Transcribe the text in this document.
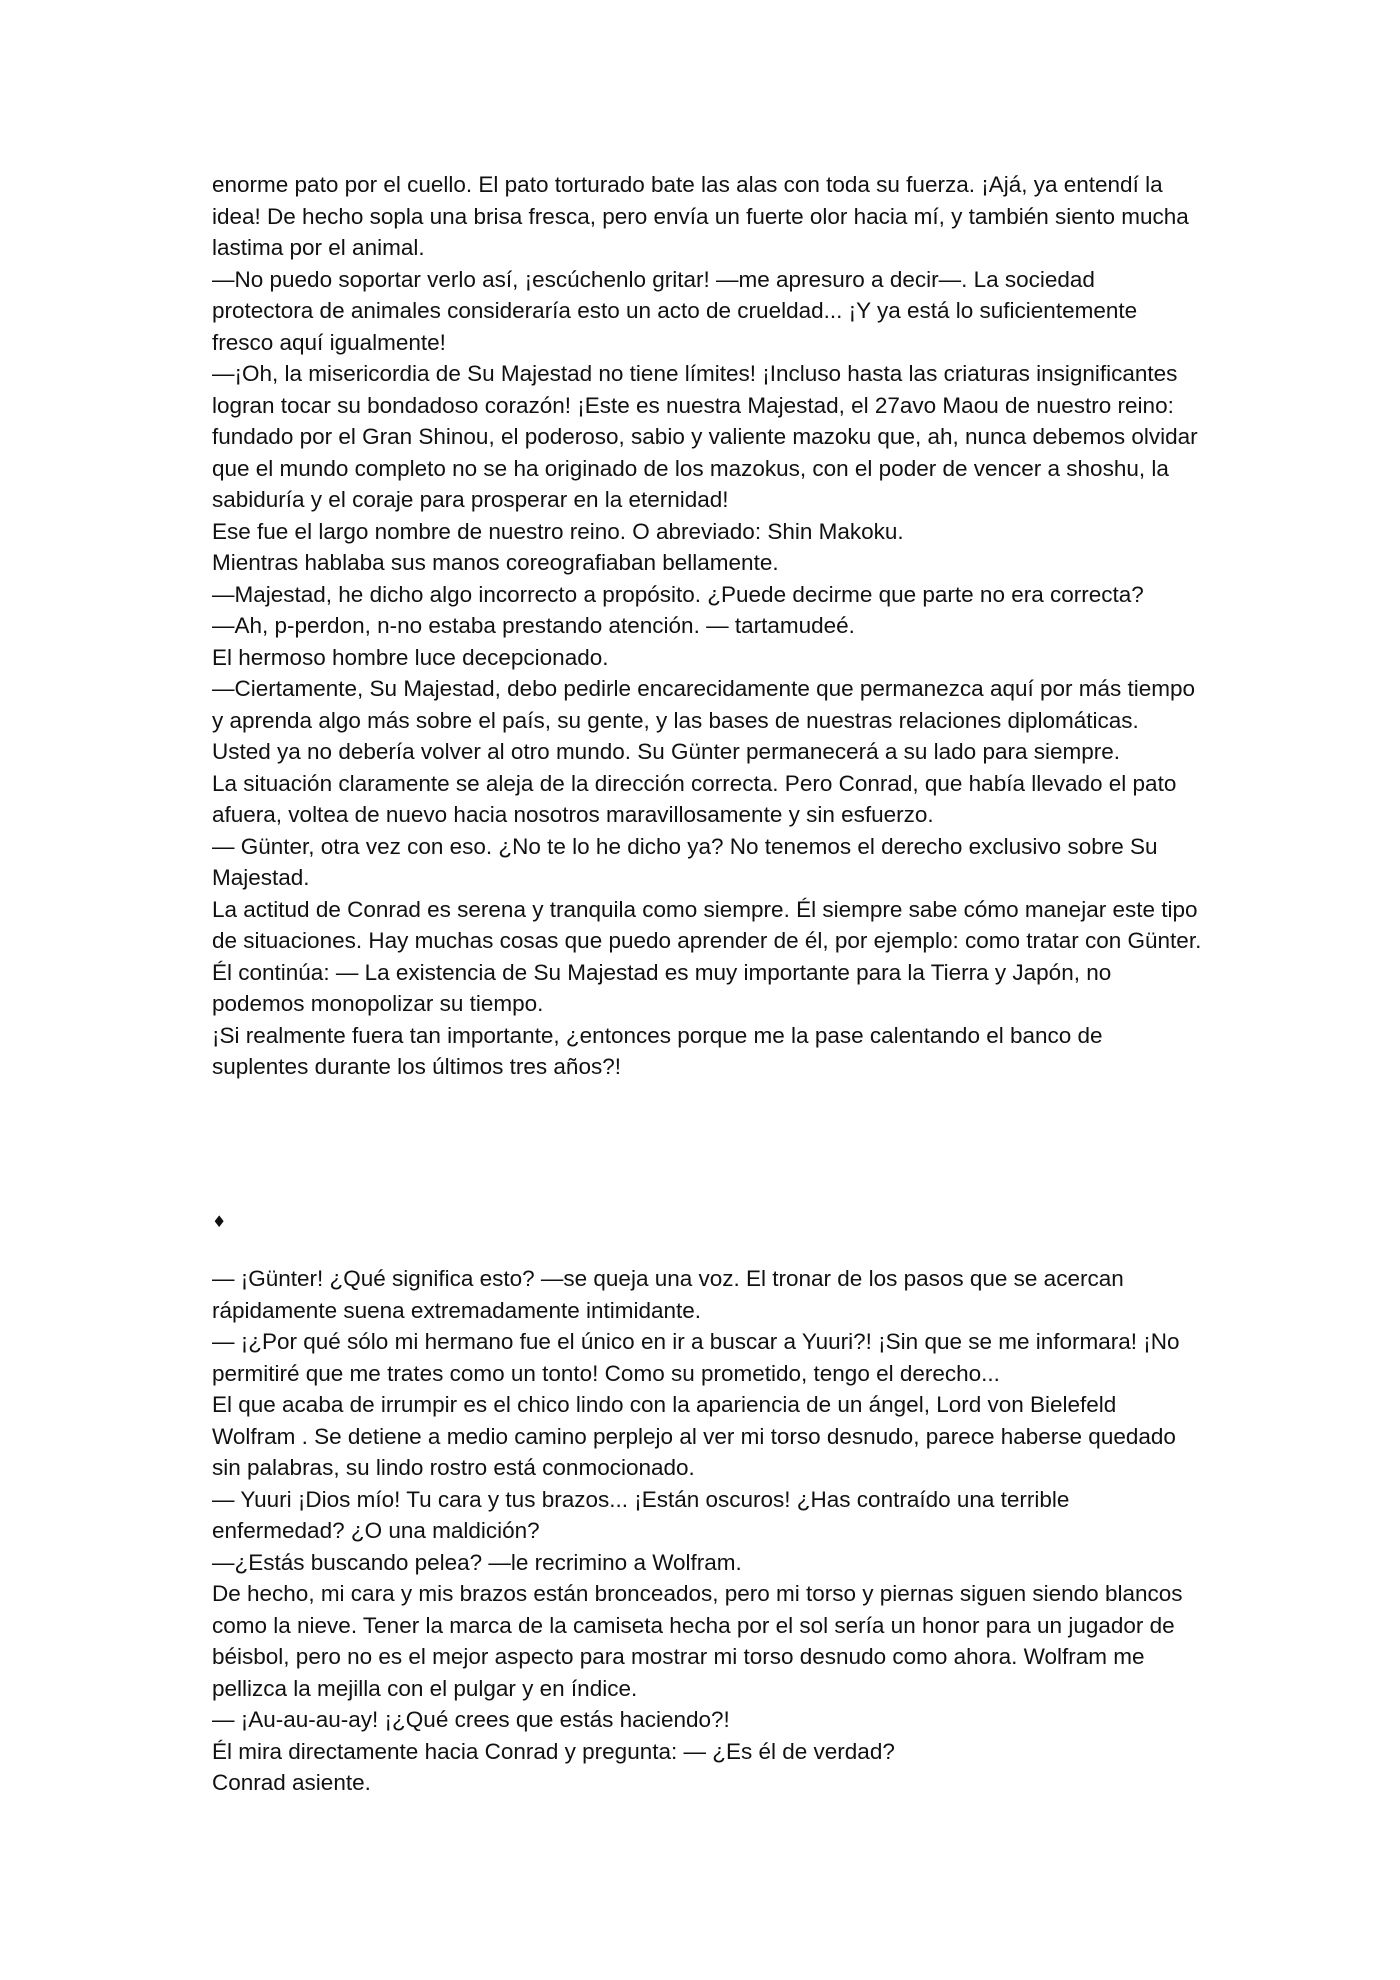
enorme pato por el cuello. El pato torturado bate las alas con toda su fuerza. ¡Ajá, ya entendí la idea! De hecho sopla una brisa fresca, pero envía un fuerte olor hacia mí, y también siento mucha lastima por el animal.

—No puedo soportar verlo así, ¡escúchenlo gritar! —me apresuro a decir—. La sociedad protectora de animales consideraría esto un acto de crueldad... ¡Y ya está lo suficientemente fresco aquí igualmente!

—¡Oh, la misericordia de Su Majestad no tiene límites! ¡Incluso hasta las criaturas insignificantes logran tocar su bondadoso corazón! ¡Este es nuestra Majestad, el 27avo Maou de nuestro reino: fundado por el Gran Shinou, el poderoso, sabio y valiente mazoku que, ah, nunca debemos olvidar que el mundo completo no se ha originado de los mazokus, con el poder de vencer a shoshu, la sabiduría y el coraje para prosperar en la eternidad!

Ese fue el largo nombre de nuestro reino. O abreviado: Shin Makoku.

Mientras hablaba sus manos coreografiaban bellamente.

—Majestad, he dicho algo incorrecto a propósito. ¿Puede decirme que parte no era correcta?

—Ah, p-perdon, n-no estaba prestando atención. — tartamudeé.

El hermoso hombre luce decepcionado.

—Ciertamente, Su Majestad, debo pedirle encarecidamente que permanezca aquí por más tiempo y aprenda algo más sobre el país, su gente, y las bases de nuestras relaciones diplomáticas. Usted ya no debería volver al otro mundo. Su Günter permanecerá a su lado para siempre.

La situación claramente se aleja de la dirección correcta. Pero Conrad, que había llevado el pato afuera, voltea de nuevo hacia nosotros maravillosamente y sin esfuerzo.

— Günter, otra vez con eso. ¿No te lo he dicho ya? No tenemos el derecho exclusivo sobre Su Majestad.

La actitud de Conrad es serena y tranquila como siempre. Él siempre sabe cómo manejar este tipo de situaciones. Hay muchas cosas que puedo aprender de él, por ejemplo: como tratar con Günter.

Él continúa: — La existencia de Su Majestad es muy importante para la Tierra y Japón, no podemos monopolizar su tiempo.

¡Si realmente fuera tan importante, ¿entonces porque me la pase calentando el banco de suplentes durante los últimos tres años?!

♦

— ¡Günter! ¿Qué significa esto? —se queja una voz. El tronar de los pasos que se acercan rápidamente suena extremadamente intimidante.

— ¡¿Por qué sólo mi hermano fue el único en ir a buscar a Yuuri?! ¡Sin que se me informara! ¡No permitiré que me trates como un tonto! Como su prometido, tengo el derecho...

El que acaba de irrumpir es el chico lindo con la apariencia de un ángel, Lord von Bielefeld Wolfram . Se detiene a medio camino perplejo al ver mi torso desnudo, parece haberse quedado sin palabras, su lindo rostro está conmocionado.

— Yuuri ¡Dios mío! Tu cara y tus brazos... ¡Están oscuros! ¿Has contraído una terrible enfermedad? ¿O una maldición?

—¿Estás buscando pelea? —le recrimino a Wolfram.

De hecho, mi cara y mis brazos están bronceados, pero mi torso y piernas siguen siendo blancos como la nieve. Tener la marca de la camiseta hecha por el sol sería un honor para un jugador de béisbol, pero no es el mejor aspecto para mostrar mi torso desnudo como ahora. Wolfram me pellizca la mejilla con el pulgar y en índice.

— ¡Au-au-au-ay! ¡¿Qué crees que estás haciendo?!

Él mira directamente hacia Conrad y pregunta: — ¿Es él de verdad?

Conrad asiente.
